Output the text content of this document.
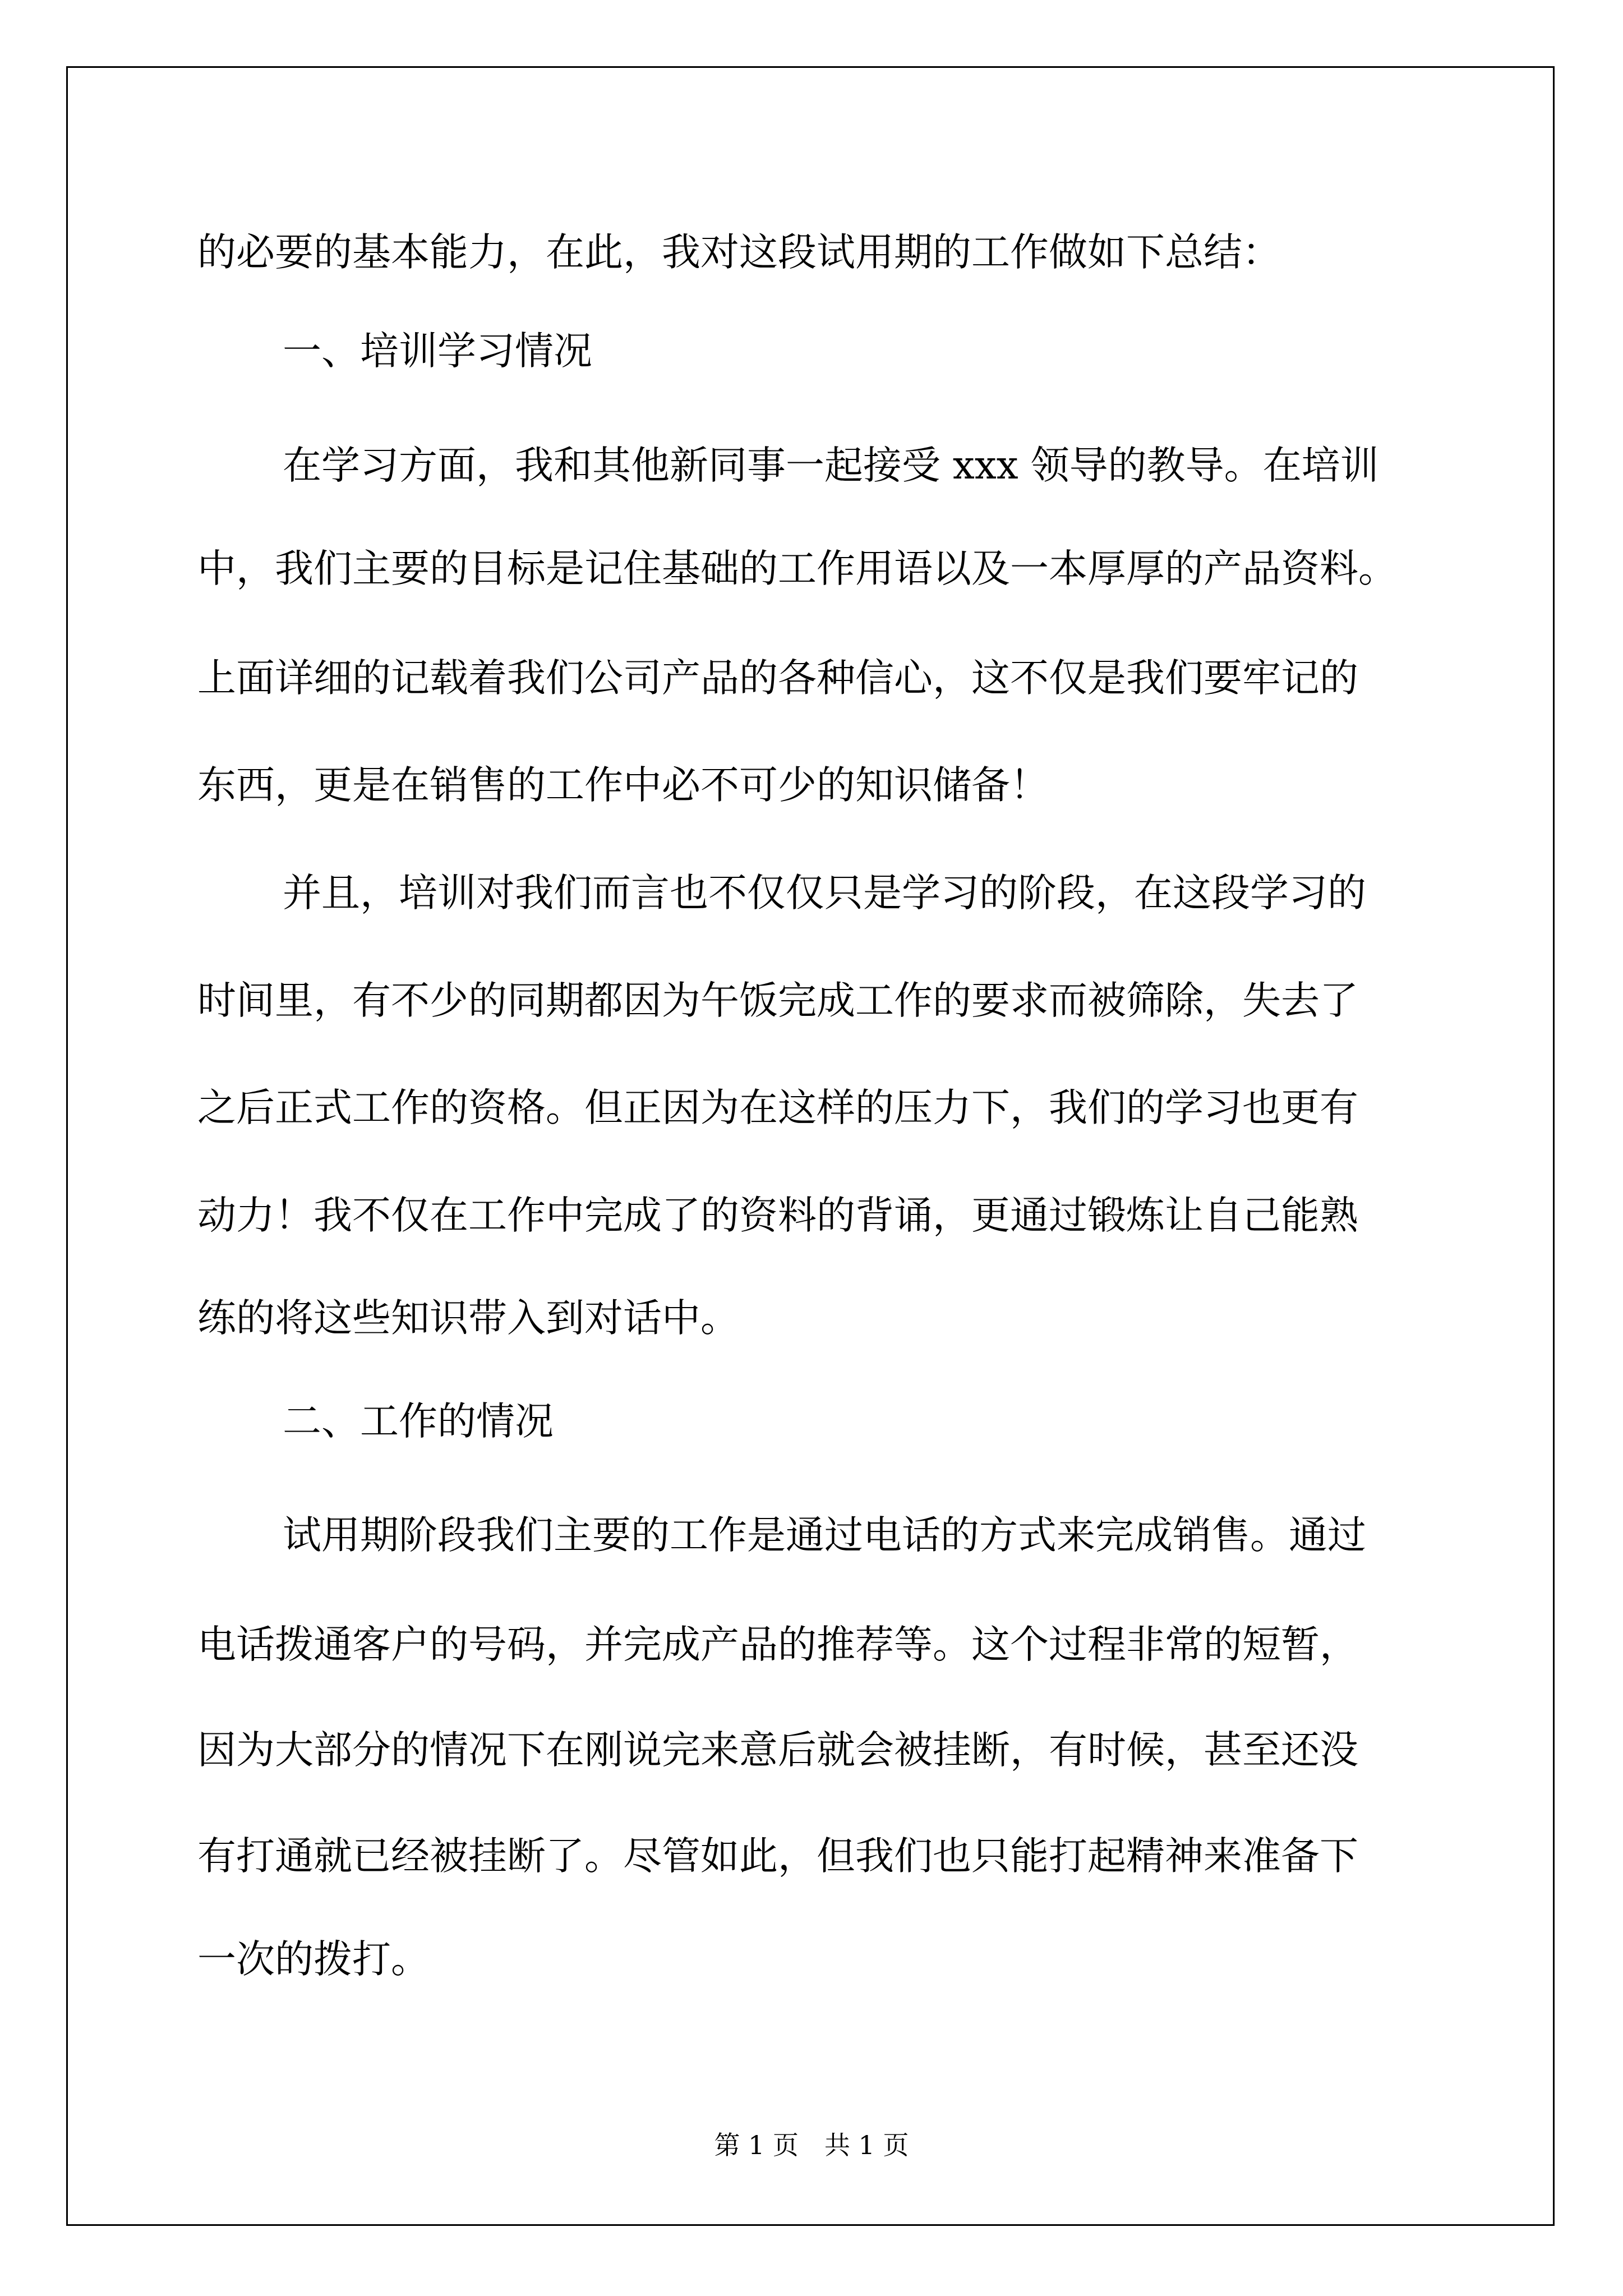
的必要的基本能力，在此，我对这段试用期的工作做如下总结：
一、培训学习情况
在学习方面，我和其他新同事一起接受 xxx 领导的教导。在培训
中，我们主要的目标是记住基础的工作用语以及一本厚厚的产品资料。
上面详细的记载着我们公司产品的各种信心，这不仅是我们要牢记的
东西，更是在销售的工作中必不可少的知识储备！
并且，培训对我们而言也不仅仅只是学习的阶段，在这段学习的
时间里，有不少的同期都因为午饭完成工作的要求而被筛除，失去了
之后正式工作的资格。但正因为在这样的压力下，我们的学习也更有
动力！我不仅在工作中完成了的资料的背诵，更通过锻炼让自己能熟
练的将这些知识带入到对话中。
二、工作的情况
试用期阶段我们主要的工作是通过电话的方式来完成销售。通过
电话拨通客户的号码，并完成产品的推荐等。这个过程非常的短暂，
因为大部分的情况下在刚说完来意后就会被挂断，有时候，甚至还没
有打通就已经被挂断了。尽管如此，但我们也只能打起精神来准备下
一次的拨打。
第 1 页　共 1 页
